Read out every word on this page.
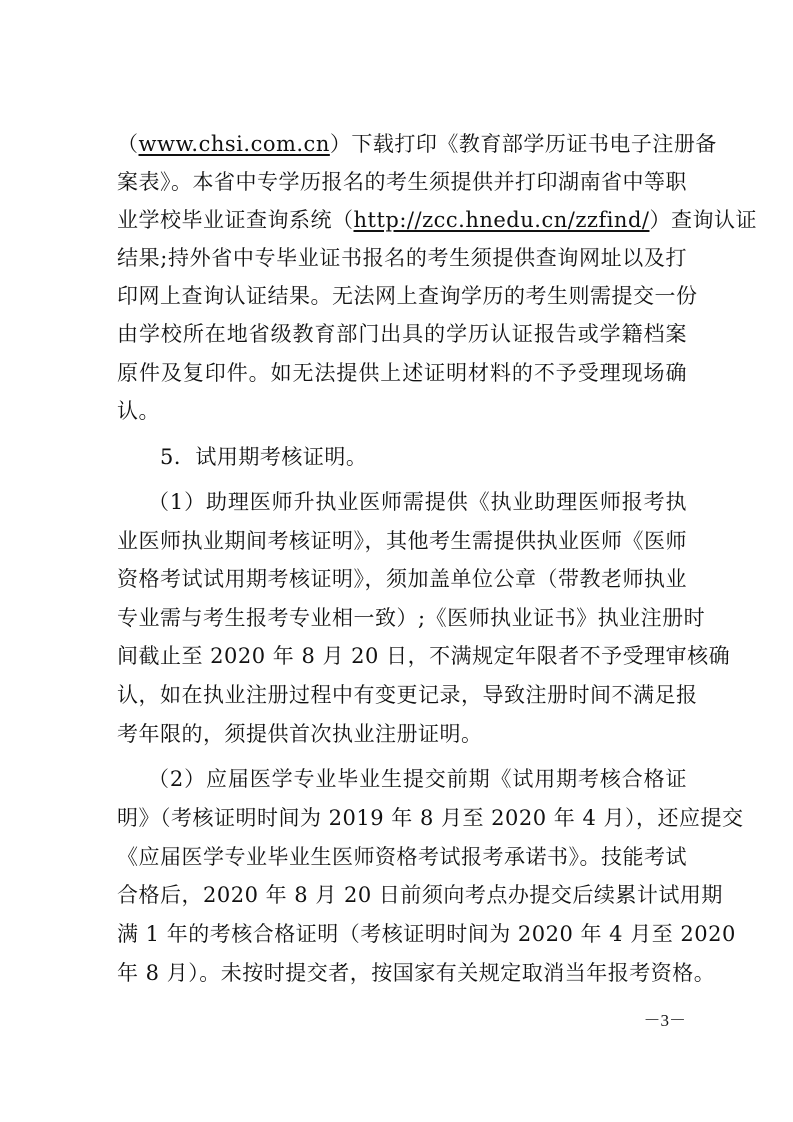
（www.chsi.com.cn）下载打印《教育部学历证书电子注册备
案表》。本省中专学历报名的考生须提供并打印湖南省中等职
业学校毕业证查询系统（http://zcc.hnedu.cn/zzfind/）查询认证
结果;持外省中专毕业证书报名的考生须提供查询网址以及打
印网上查询认证结果。无法网上查询学历的考生则需提交一份
由学校所在地省级教育部门出具的学历认证报告或学籍档案
原件及复印件。如无法提供上述证明材料的不予受理现场确
认。
5．试用期考核证明。
（1）助理医师升执业医师需提供《执业助理医师报考执
业医师执业期间考核证明》，其他考生需提供执业医师《医师
资格考试试用期考核证明》，须加盖单位公章（带教老师执业
专业需与考生报考专业相一致）;《医师执业证书》执业注册时
间截止至 2020 年 8 月 20 日，不满规定年限者不予受理审核确
认，如在执业注册过程中有变更记录，导致注册时间不满足报
考年限的，须提供首次执业注册证明。
（2）应届医学专业毕业生提交前期《试用期考核合格证
明》（考核证明时间为 2019 年 8 月至 2020 年 4 月），还应提交
《应届医学专业毕业生医师资格考试报考承诺书》。技能考试
合格后，2020 年 8 月 20 日前须向考点办提交后续累计试用期
满 1 年的考核合格证明（考核证明时间为 2020 年 4 月至 2020
年 8 月）。未按时提交者，按国家有关规定取消当年报考资格。
－3－
